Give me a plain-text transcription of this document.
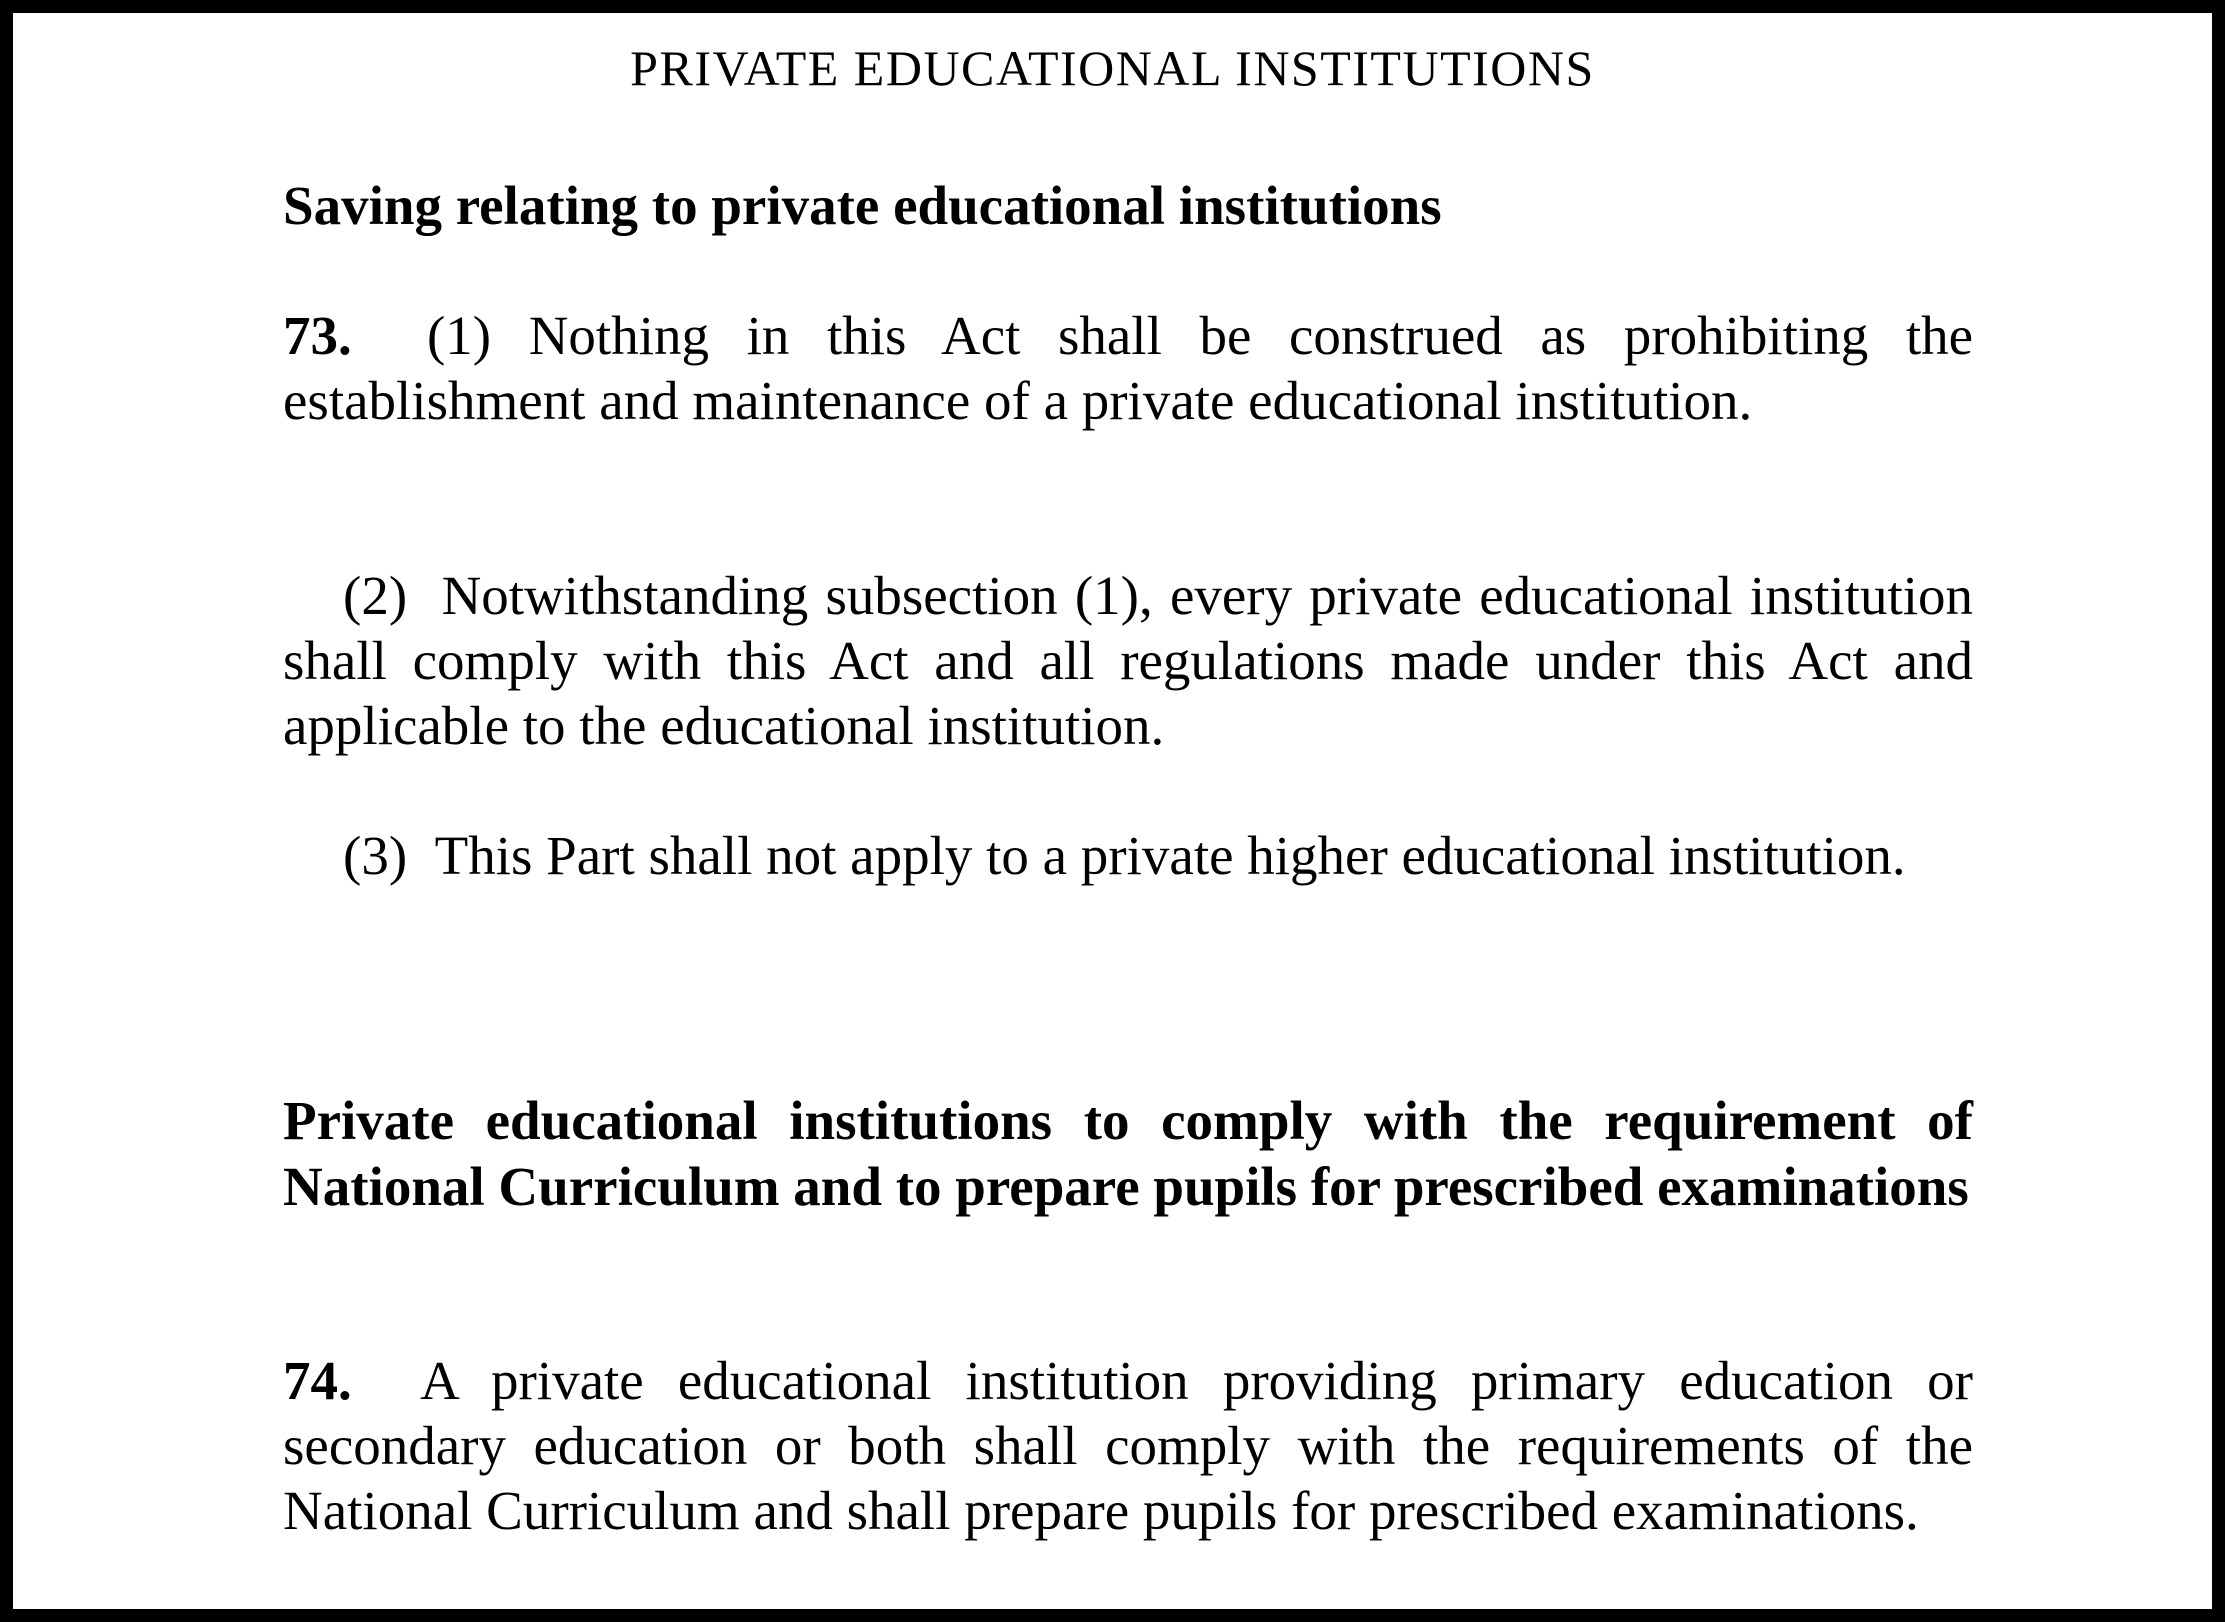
PRIVATE EDUCATIONAL INSTITUTIONS

Saving relating to private educational institutions

73. (1) Nothing in this Act shall be construed as prohibiting the establishment and maintenance of a private educational institution.

(2) Notwithstanding subsection (1), every private educational institution shall comply with this Act and all regulations made under this Act and applicable to the educational institution.

(3) This Part shall not apply to a private higher educational institution.

Private educational institutions to comply with the requirement of National Curriculum and to prepare pupils for prescribed examinations

74. A private educational institution providing primary education or secondary education or both shall comply with the requirements of the National Curriculum and shall prepare pupils for prescribed examinations.
